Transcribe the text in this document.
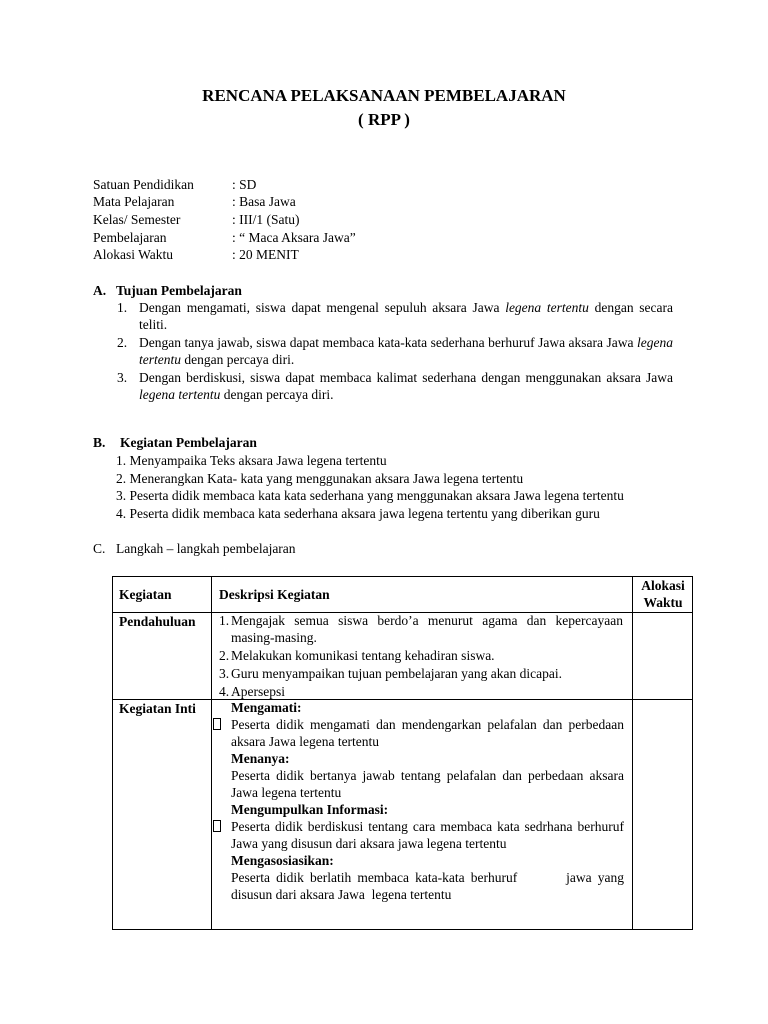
RENCANA PELAKSANAAN PEMBELAJARAN
( RPP )
Satuan Pendidikan	: SD
Mata Pelajaran	: Basa Jawa
Kelas/ Semester	: III/1 (Satu)
Pembelajaran	: “ Maca Aksara Jawa”
Alokasi Waktu	: 20 MENIT
A. Tujuan Pembelajaran
1. Dengan mengamati, siswa dapat mengenal sepuluh aksara Jawa legena tertentu dengan secara teliti.
2. Dengan tanya jawab, siswa dapat membaca kata-kata sederhana berhuruf Jawa aksara Jawa legena tertentu dengan percaya diri.
3. Dengan berdiskusi, siswa dapat membaca kalimat sederhana dengan menggunakan aksara Jawa legena tertentu dengan percaya diri.
B. Kegiatan Pembelajaran
1. Menyampaika Teks aksara Jawa legena tertentu
2. Menerangkan Kata- kata yang menggunakan aksara Jawa legena tertentu
3. Peserta didik membaca kata kata sederhana yang menggunakan aksara Jawa legena tertentu
4. Peserta didik membaca kata sederhana aksara jawa legena tertentu yang diberikan guru
C. Langkah – langkah pembelajaran
Kegiatan	Deskripsi Kegiatan
Alokasi Waktu
Pendahuluan 1. Mengajak semua siswa berdo’a menurut agama dan kepercayaan masing-masing.
2. Melakukan komunikasi tentang kehadiran siswa.
3. Guru menyampaikan tujuan pembelajaran yang akan dicapai.
4. Apersepsi
Kegiatan Inti	Mengamati:
Peserta didik mengamati dan mendengarkan pelafalan dan perbedaan aksara Jawa legena tertentu
Menanya:
Peserta didik bertanya jawab tentang pelafalan dan perbedaan aksara Jawa legena tertentu
Mengumpulkan Informasi:
Peserta didik berdiskusi tentang cara membaca kata sedrhana berhuruf Jawa yang disusun dari aksara jawa legena tertentu
Mengasosiasikan:
Peserta didik berlatih membaca kata-kata berhuruf        jawa yang disusun dari aksara Jawa  legena tertentu
